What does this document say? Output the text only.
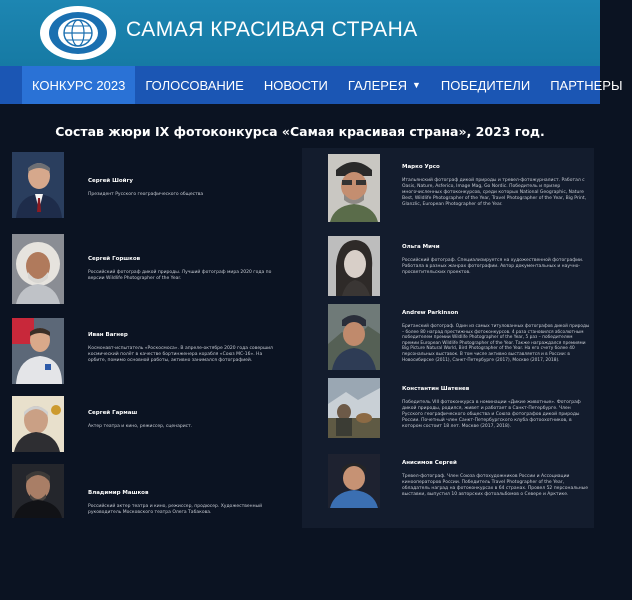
САМАЯ КРАСИВАЯ СТРАНА
КОНКУРС 2023 ГОЛОСОВАНИЕ НОВОСТИ ГАЛЕРЕЯ ▼ ПОБЕДИТЕЛИ ПАРТНЕРЫ
Состав жюри IX фотоконкурса «Самая красивая страна», 2023 год.
Сергей Шойгу
Президент Русского географического общества
Сергей Горшков
Российский фотограф дикой природы. Лучший фотограф мира 2020 года по версии Wildlife Photographer of the Year.
Иван Вагнер
Космонавт-испытатель «Роскосмоса». В апреле-октябре 2020 года совершил космический полёт в качестве бортинженера корабля «Союз МС-16». На орбите, помимо основной работы, активно занимался фотографией.
Сергей Гармаш
Актер театра и кино, режиссер, сценарист.
Владимир Машков
Российский актер театра и кино, режиссер, продюсер. Художественный руководитель Московского театра Олега Табакова.
Марко Урсо
Итальянский фотограф дикой природы и тревел-фотожурналист. Работал с Oasis, Nature, Asferico, Image Mag, Go Nordic. Победитель и призер многочисленных фотоконкурсов, среди которых National Geographic, Nature Best, Wildlife Photographer of the Year, Travel Photographer of the Year, Big Print, Glanzlic, European Photographer of the Year.
Ольга Мичи
Российский фотограф. Специализируется на художественной фотографии. Работала в разных жанрах фотографии. Автор документальных и научно-просветительских проектов.
Andrew Parkinson
Британский фотограф. Один из самых титулованных фотографов дикой природы – более 80 наград престижных фотоконкурсов. 4 раза становился абсолютным победителем премии Wildlife Photographer of the Year, 5 раз – победителем премии European Wildlife Photographer of the Year. Также награждался премиями Big Picture Natural World, Bird Photographer of the Year. На его счету более 40 персональных выставок. В том числе активно выставляется и в России: в Новосибирске (2011), Санкт-Петербурге (2017), Москве (2017, 2018).
Константин Шатенев
Победитель VIII фотоконкурса в номинации «Дикие животные». Фотограф дикой природы, родился, живет и работает в Санкт-Петербурге. Член Русского географического общества и Союза фотографов дикой природы России. Почетный член Санкт-Петербургского клуба фотоохотников, в котором состоит 18 лет. Москве (2017, 2018).
Анисимов Сергей
Тревел-фотограф. Член Союза фотохудожников России и Ассоциации кинооператоров России. Победитель Travel Photographer of the Year, обладатель наград на фотоконкурсах в 64 странах. Провел 52 персональные выставки, выпустил 10 авторских фотоальбомов о Севере и Арктике.
